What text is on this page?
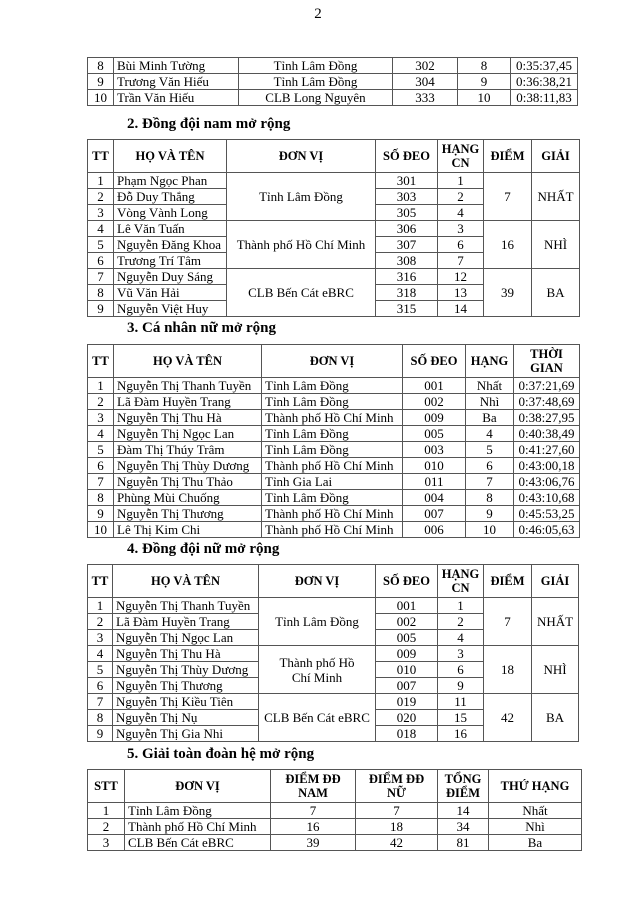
2
8	Bùi Minh Tường	Tỉnh Lâm Đồng	302	8	0:35:37,45
9	Trương Văn Hiếu	Tỉnh Lâm Đồng	304	9	0:36:38,21
10	Trần Văn Hiếu	CLB Long Nguyên	333	10	0:38:11,83
2. Đồng đội nam mở rộng
TT	HỌ VÀ TÊN	ĐƠN VỊ	SỐ ĐEO	HẠNG CN	ĐIỂM	GIẢI
1	Phạm Ngọc Phan	Tỉnh Lâm Đồng	301	1	7	NHẤT
2	Đỗ Duy Thắng		303	2		
3	Vòng Vành Long		305	4		
4	Lê Văn Tuấn	Thành phố Hồ Chí Minh	306	3	16	NHÌ
5	Nguyễn Đăng Khoa		307	6		
6	Trương Trí Tâm		308	7		
7	Nguyễn Duy Sáng	CLB Bến Cát eBRC	316	12	39	BA
8	Vũ Văn Hải		318	13		
9	Nguyễn Việt Huy		315	14		
3. Cá nhân nữ mở rộng
TT	HỌ VÀ TÊN	ĐƠN VỊ	SỐ ĐEO	HẠNG	THỜI GIAN
1	Nguyễn Thị Thanh Tuyền	Tỉnh Lâm Đồng	001	Nhất	0:37:21,69
2	Lã Đàm Huyền Trang	Tỉnh Lâm Đồng	002	Nhì	0:37:48,69
3	Nguyễn Thị Thu Hà	Thành phố Hồ Chí Minh	009	Ba	0:38:27,95
4	Nguyễn Thị Ngọc Lan	Tỉnh Lâm Đồng	005	4	0:40:38,49
5	Đàm Thị Thúy Trâm	Tỉnh Lâm Đồng	003	5	0:41:27,60
6	Nguyễn Thị Thùy Dương	Thành phố Hồ Chí Minh	010	6	0:43:00,18
7	Nguyễn Thị Thu Thảo	Tỉnh Gia Lai	011	7	0:43:06,76
8	Phùng Mùi Chuống	Tỉnh Lâm Đồng	004	8	0:43:10,68
9	Nguyễn Thị Thương	Thành phố Hồ Chí Minh	007	9	0:45:53,25
10	Lê Thị Kim Chi	Thành phố Hồ Chí Minh	006	10	0:46:05,63
4. Đồng đội nữ mở rộng
TT	HỌ VÀ TÊN	ĐƠN VỊ	SỐ ĐEO	HẠNG CN	ĐIỂM	GIẢI
1	Nguyễn Thị Thanh Tuyền	Tỉnh Lâm Đồng	001	1	7	NHẤT
2	Lã Đàm Huyền Trang		002	2		
3	Nguyễn Thị Ngọc Lan		005	4		
4	Nguyễn Thị Thu Hà	Thành phố Hồ Chí Minh	009	3	18	NHÌ
5	Nguyễn Thị Thùy Dương		010	6		
6	Nguyễn Thị Thương		007	9		
7	Nguyễn Thị Kiều Tiên	CLB Bến Cát eBRC	019	11	42	BA
8	Nguyễn Thị Nụ		020	15		
9	Nguyễn Thị Gia Nhi		018	16		
5. Giải toàn đoàn hệ mở rộng
STT	ĐƠN VỊ	ĐIỂM ĐĐ NAM	ĐIỂM ĐĐ NỮ	TỔNG ĐIỂM	THỨ HẠNG
1	Tỉnh Lâm Đồng	7	7	14	Nhất
2	Thành phố Hồ Chí Minh	16	18	34	Nhì
3	CLB Bến Cát eBRC	39	42	81	Ba
